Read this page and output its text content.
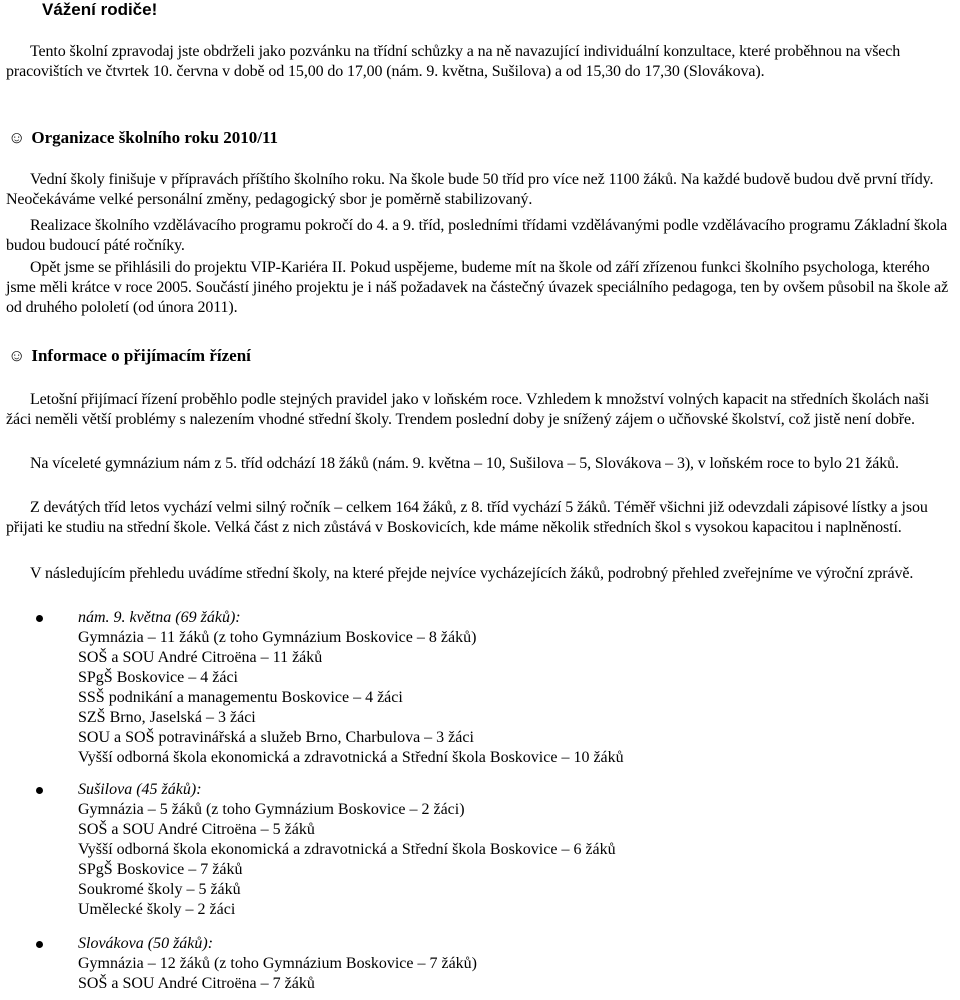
Vážení rodiče!

Tento školní zpravodaj jste obdrželi jako pozvánku na třídní schůzky a na ně navazující individuální konzultace, které proběhnou na všech pracovištích ve čtvrtek 10. června v době od 15,00 do 17,00 (nám. 9. května, Sušilova) a od 15,30 do 17,30 (Slovákova).

☺ Organizace školního roku 2010/11

Vední školy finišuje v přípravách příštího školního roku. Na škole bude 50 tříd pro více než 1100 žáků. Na každé budově budou dvě první třídy. Neočekáváme velké personální změny, pedagogický sbor je poměrně stabilizovaný.

Realizace školního vzdělávacího programu pokročí do 4. a 9. tříd, posledními třídami vzdělávanými podle vzdělávacího programu Základní škola budou budoucí páté ročníky.

Opět jsme se přihlásili do projektu VIP-Kariéra II. Pokud uspějeme, budeme mít na škole od září zřízenou funkci školního psychologa, kterého jsme měli krátce v roce 2005. Součástí jiného projektu je i náš požadavek na částečný úvazek speciálního pedagoga, ten by ovšem působil na škole až od druhého pololetí (od února 2011).

☺ Informace o přijímacím řízení

Letošní přijímací řízení proběhlo podle stejných pravidel jako v loňském roce. Vzhledem k množství volných kapacit na středních školách naši žáci neměli větší problémy s nalezením vhodné střední školy. Trendem poslední doby je snížený zájem o učňovské školství, což jistě není dobře.

Na víceleté gymnázium nám z 5. tříd odchází 18 žáků (nám. 9. května – 10, Sušilova – 5, Slovákova – 3), v loňském roce to bylo 21 žáků.

Z devátých tříd letos vychází velmi silný ročník – celkem 164 žáků, z 8. tříd vychází 5 žáků. Téměř všichni již odevzdali zápisové lístky a jsou přijati ke studiu na střední škole. Velká část z nich zůstává v Boskovicích, kde máme několik středních škol s vysokou kapacitou i naplněností.

V následujícím přehledu uvádíme střední školy, na které přejde nejvíce vycházejících žáků, podrobný přehled zveřejníme ve výroční zprávě.

nám. 9. května (69 žáků):
Gymnázia – 11 žáků (z toho Gymnázium Boskovice – 8 žáků)
SOŠ a SOU André Citroëna – 11 žáků
SPgŠ Boskovice – 4 žáci
SSŠ podnikání a managementu Boskovice – 4 žáci
SZŠ Brno, Jaselská – 3 žáci
SOU a SOŠ potravinářská a služeb Brno, Charbulova – 3 žáci
Vyšší odborná škola ekonomická a zdravotnická a Střední škola Boskovice – 10 žáků
Sušilova (45 žáků):
Gymnázia – 5 žáků (z toho Gymnázium Boskovice – 2 žáci)
SOŠ a SOU André Citroëna – 5 žáků
Vyšší odborná škola ekonomická a zdravotnická a Střední škola Boskovice – 6 žáků
SPgŠ Boskovice – 7 žáků
Soukromé školy – 5 žáků
Umělecké školy – 2 žáci
Slovákova (50 žáků):
Gymnázia – 12 žáků (z toho Gymnázium Boskovice – 7 žáků)
SOŠ a SOU André Citroëna – 7 žáků
